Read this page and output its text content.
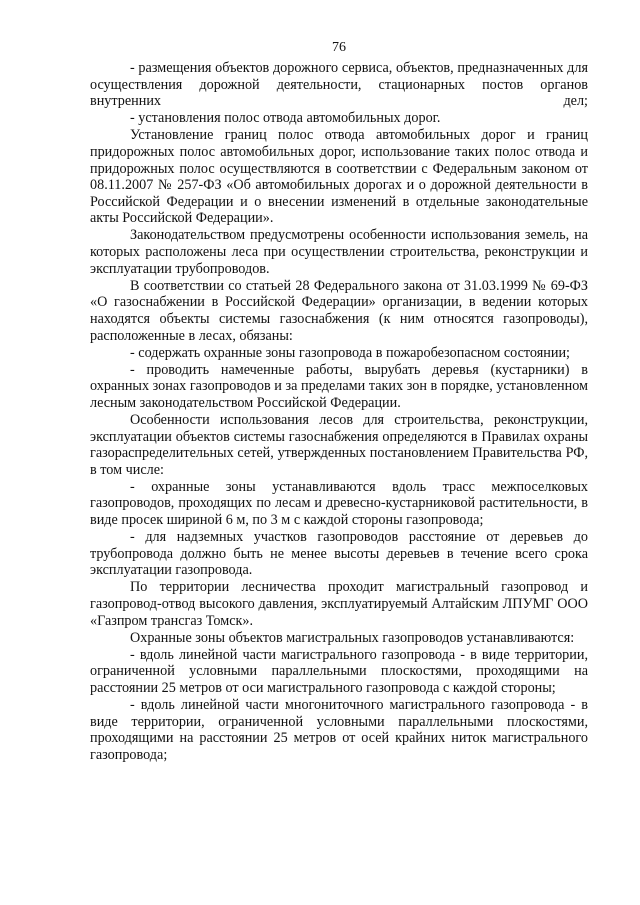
76

- размещения объектов дорожного сервиса, объектов, предназначенных для осуществления дорожной деятельности, стационарных постов органов внутренних дел;

- установления полос отвода автомобильных дорог.

Установление границ полос отвода автомобильных дорог и границ придорожных полос автомобильных дорог, использование таких полос отвода и придорожных полос осуществляются в соответствии с Федеральным законом от 08.11.2007 № 257-ФЗ «Об автомобильных дорогах и о дорожной деятельности в Российской Федерации и о внесении изменений в отдельные законодательные акты Российской Федерации».

Законодательством предусмотрены особенности использования земель, на которых расположены леса при осуществлении строительства, реконструкции и эксплуатации трубопроводов.

В соответствии со статьей 28 Федерального закона от 31.03.1999 № 69-ФЗ «О газоснабжении в Российской Федерации» организации, в ведении которых находятся объекты системы газоснабжения (к ним относятся газопроводы), расположенные в лесах, обязаны:

- содержать охранные зоны газопровода в пожаробезопасном состоянии;

- проводить намеченные работы, вырубать деревья (кустарники) в охранных зонах газопроводов и за пределами таких зон в порядке, установленном лесным законодательством Российской Федерации.

Особенности использования лесов для строительства, реконструкции, эксплуатации объектов системы газоснабжения определяются в Правилах охраны газораспределительных сетей, утвержденных постановлением Правительства РФ, в том числе:

- охранные зоны устанавливаются вдоль трасс межпоселковых газопроводов, проходящих по лесам и древесно-кустарниковой растительности, в виде просек шириной 6 м, по 3 м с каждой стороны газопровода;

- для надземных участков газопроводов расстояние от деревьев до трубопровода должно быть не менее высоты деревьев в течение всего срока эксплуатации газопровода.

По территории лесничества проходит магистральный газопровод и газопровод-отвод высокого давления, эксплуатируемый Алтайским ЛПУМГ ООО «Газпром трансгаз Томск».

Охранные зоны объектов магистральных газопроводов устанавливаются:

- вдоль линейной части магистрального газопровода - в виде территории, ограниченной условными параллельными плоскостями, проходящими на расстоянии 25 метров от оси магистрального газопровода с каждой стороны;

- вдоль линейной части многониточного магистрального газопровода - в виде территории, ограниченной условными параллельными плоскостями, проходящими на расстоянии 25 метров от осей крайних ниток магистрального газопровода;
